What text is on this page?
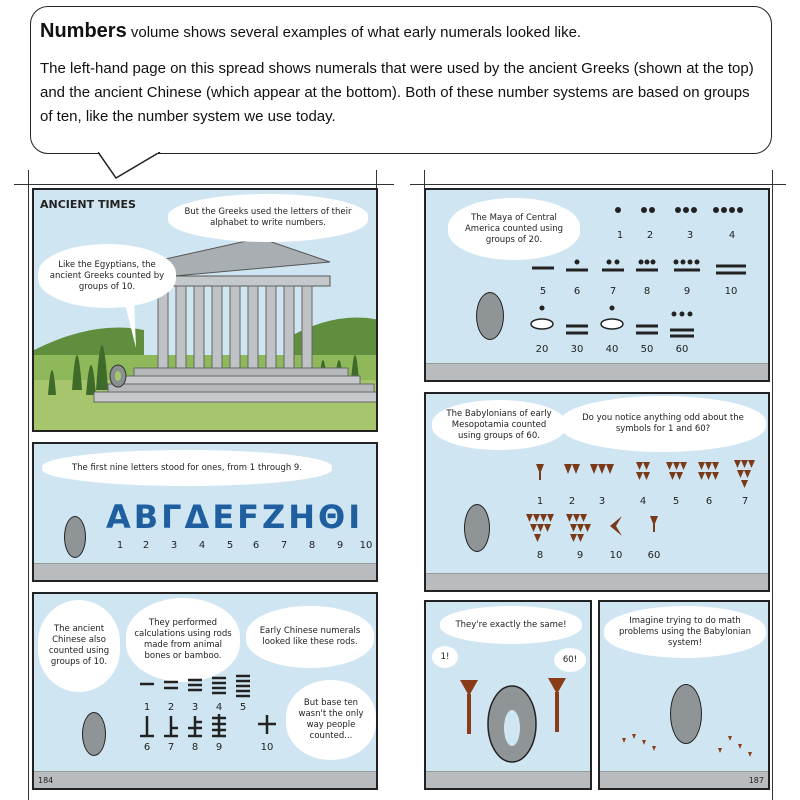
Numbers volume shows several examples of what early numerals looked like.

The left-hand page on this spread shows numerals that were used by the ancient Greeks (shown at the top) and the ancient Chinese (which appear at the bottom). Both of these number systems are based on groups of ten, like the number system we use today.

ANCIENT TIMES
But the Greeks used the letters of their alphabet to write numbers.
Like the Egyptians, the ancient Greeks counted by groups of 10.
The first nine letters stood for ones, from 1 through 9.
ΑΒΓΔΕϜΖΗΘΙ
1	2	3	4	5	6	7	8	9	10
The ancient Chinese also counted using groups of 10.
They performed calculations using rods made from animal bones or bamboo.
Early Chinese numerals looked like these rods.
But base ten wasn't the only way people counted...
1	2	3	4	5
6	7	8	9	10
184
The Maya of Central America counted using groups of 20.	1	2	3	4
5	6	7	8	9	10
20	30	40	50	60
The Babylonians of early Mesopotamia counted using groups of 60.
Do you notice anything odd about the symbols for 1 and 60?
1	2	3	4	5	6	7
8	9	10	60
They're exactly the same!
1!	60!
Imagine trying to do math problems using the Babylonian system!
187
